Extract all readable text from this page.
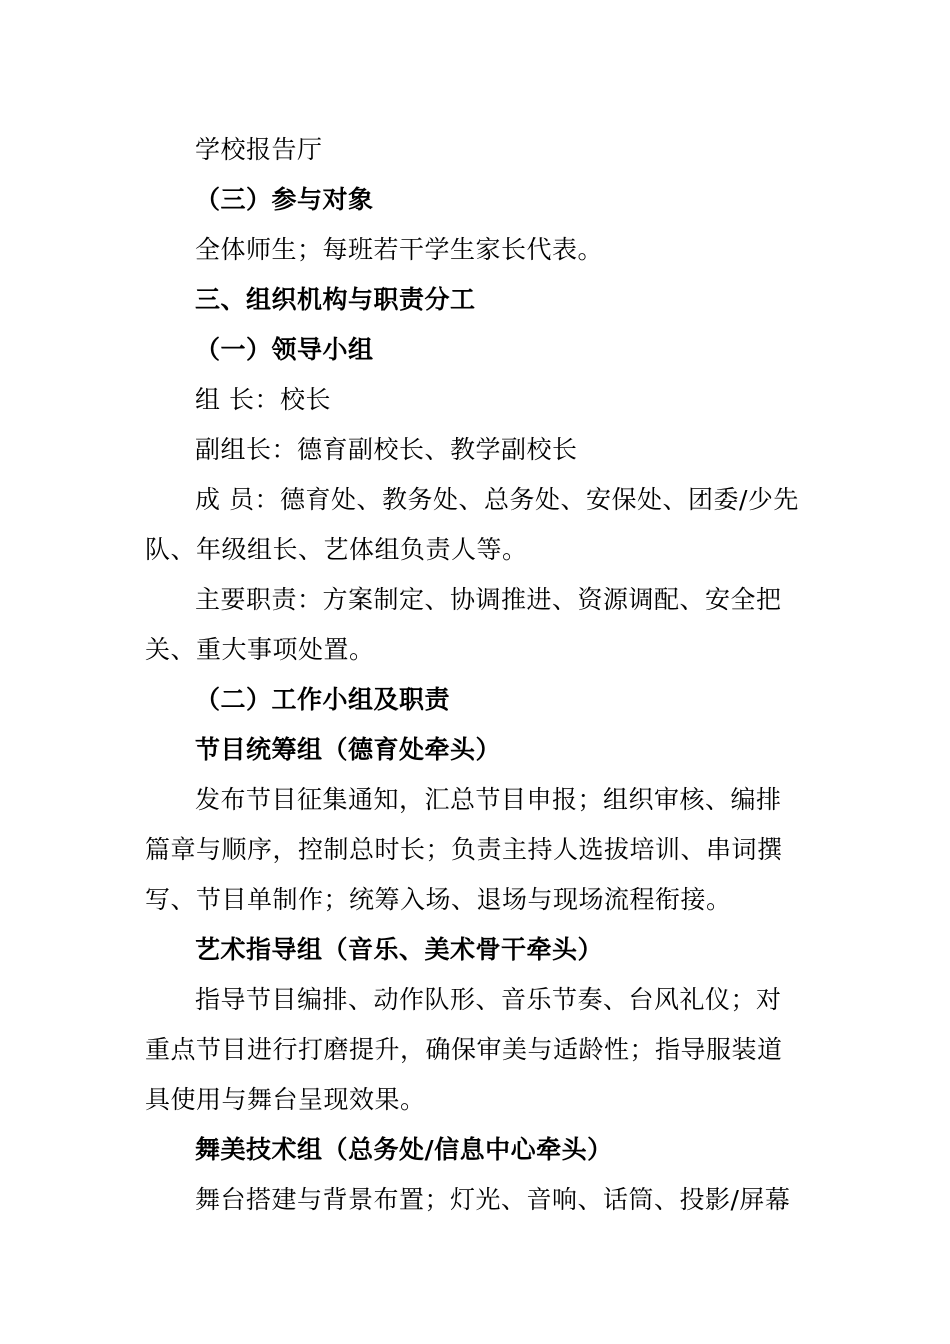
学校报告厅
（三）参与对象
全体师生；每班若干学生家长代表。
三、组织机构与职责分工
（一）领导小组
组 长：校长
副组长：德育副校长、教学副校长
成 员：德育处、教务处、总务处、安保处、团委/少先
队、年级组长、艺体组负责人等。
主要职责：方案制定、协调推进、资源调配、安全把
关、重大事项处置。
（二）工作小组及职责
节目统筹组（德育处牵头）
发布节目征集通知，汇总节目申报；组织审核、编排
篇章与顺序，控制总时长；负责主持人选拔培训、串词撰
写、节目单制作；统筹入场、退场与现场流程衔接。
艺术指导组（音乐、美术骨干牵头）
指导节目编排、动作队形、音乐节奏、台风礼仪；对
重点节目进行打磨提升，确保审美与适龄性；指导服装道
具使用与舞台呈现效果。
舞美技术组（总务处/信息中心牵头）
舞台搭建与背景布置；灯光、音响、话筒、投影/屏幕
